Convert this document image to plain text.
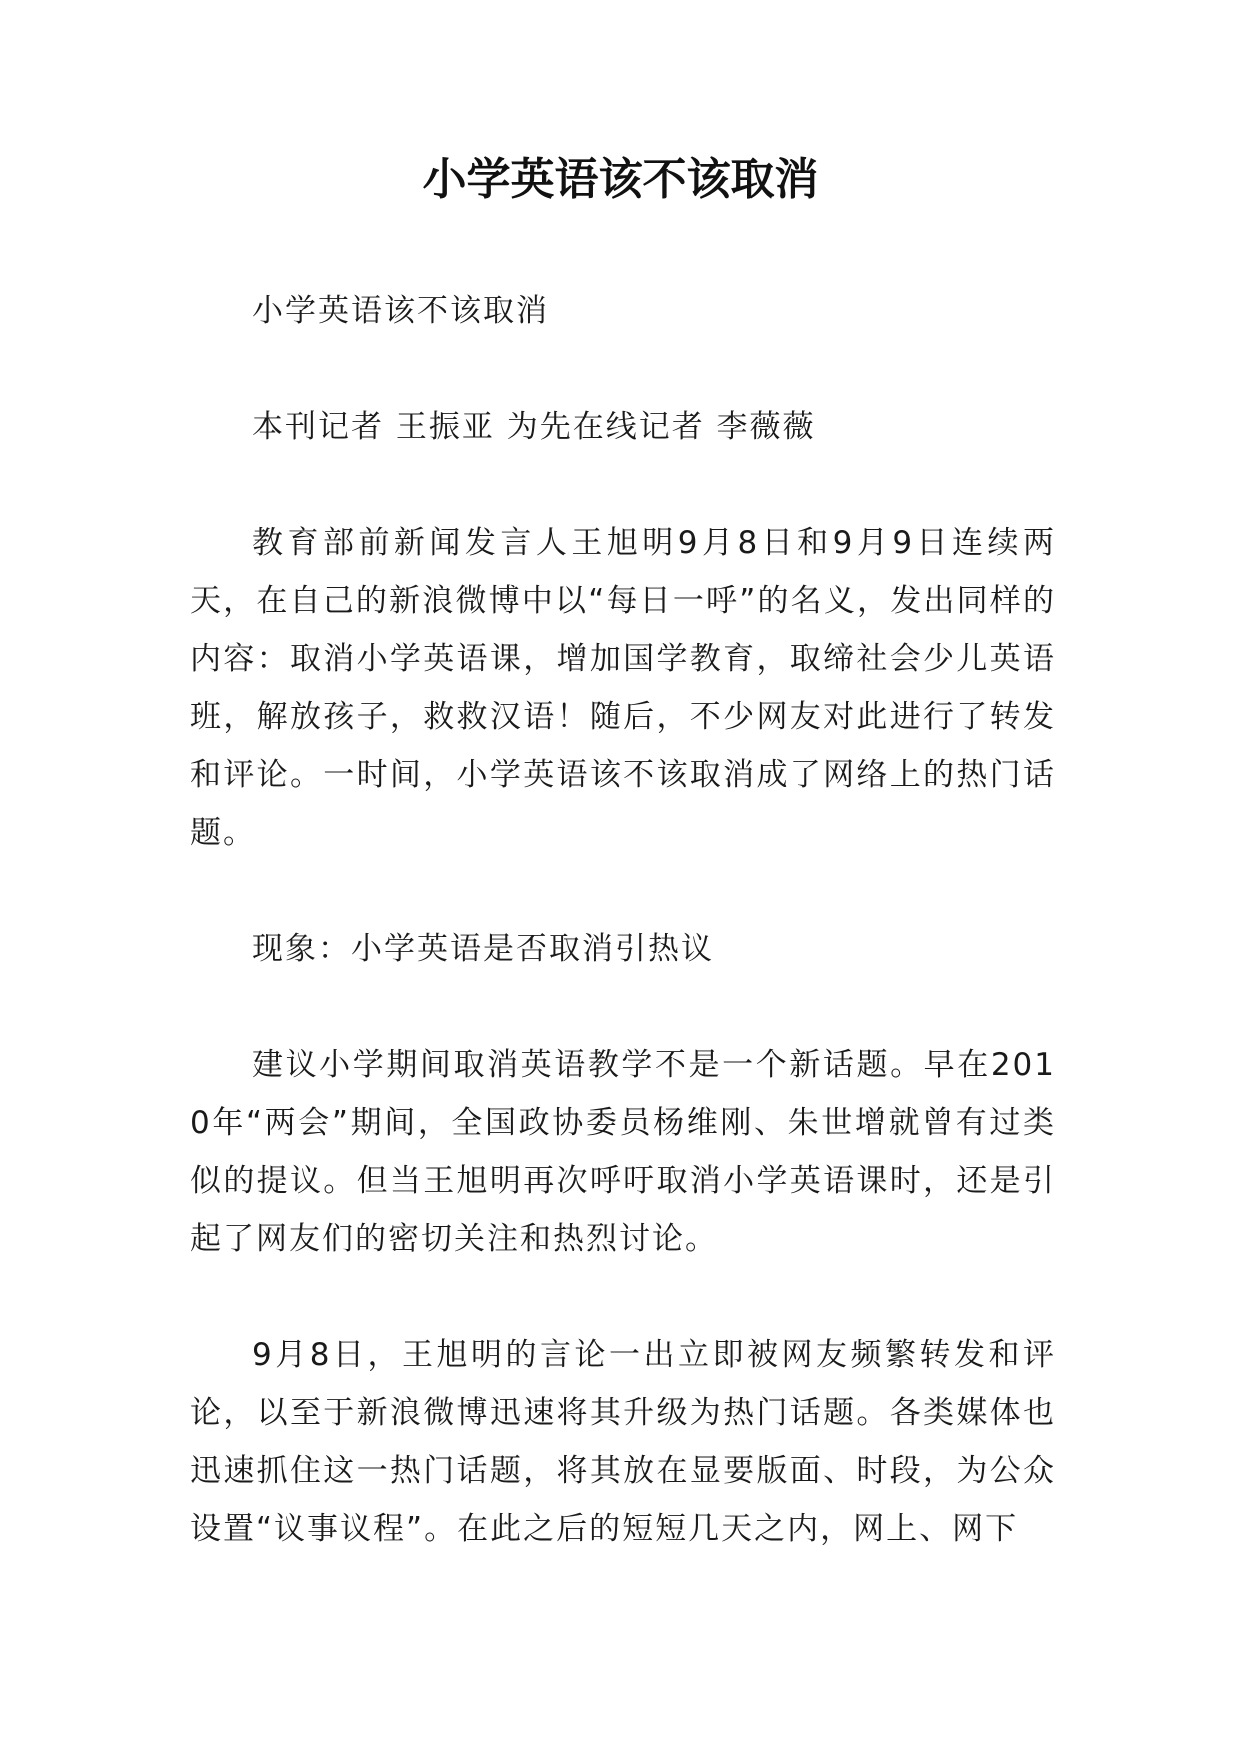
小学英语该不该取消

小学英语该不该取消

本刊记者 王振亚 为先在线记者 李薇薇

教育部前新闻发言人王旭明9月8日和9月9日连续两天，在自己的新浪微博中以“每日一呼”的名义，发出同样的内容：取消小学英语课，增加国学教育，取缔社会少儿英语班，解放孩子，救救汉语！随后，不少网友对此进行了转发和评论。一时间，小学英语该不该取消成了网络上的热门话题。

现象：小学英语是否取消引热议

建议小学期间取消英语教学不是一个新话题。早在2010年“两会”期间，全国政协委员杨维刚、朱世增就曾有过类似的提议。但当王旭明再次呼吁取消小学英语课时，还是引起了网友们的密切关注和热烈讨论。

9月8日，王旭明的言论一出立即被网友频繁转发和评论，以至于新浪微博迅速将其升级为热门话题。各类媒体也迅速抓住这一热门话题，将其放在显要版面、时段，为公众设置“议事议程”。在此之后的短短几天之内，网上、网下
